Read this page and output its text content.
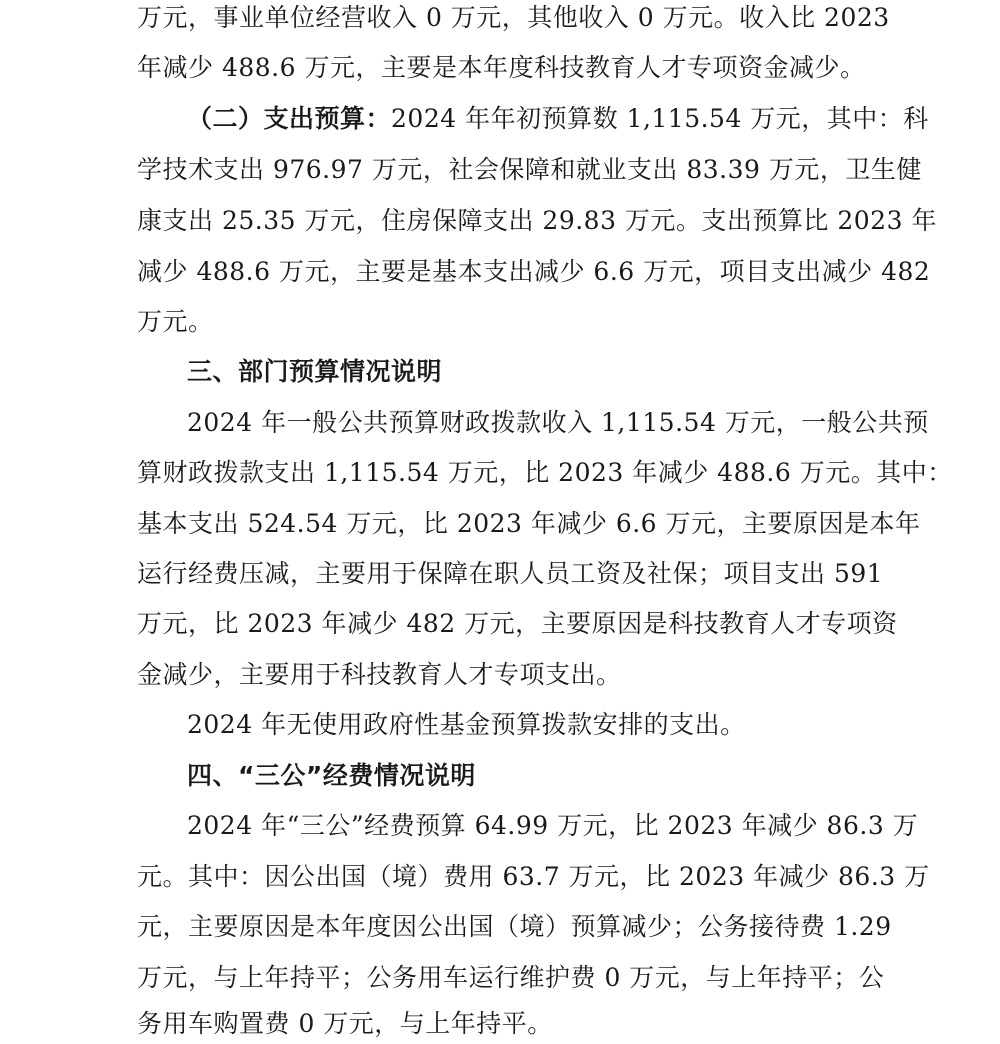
万元，事业单位经营收入 0 万元，其他收入 0 万元。收入比 2023

年减少 488.6 万元，主要是本年度科技教育人才专项资金减少。

（二）支出预算：2024 年年初预算数 1,115.54 万元，其中：科

学技术支出 976.97 万元，社会保障和就业支出 83.39 万元，卫生健

康支出 25.35 万元，住房保障支出 29.83 万元。支出预算比 2023 年

减少 488.6 万元，主要是基本支出减少 6.6 万元，项目支出减少 482

万元。

三、部门预算情况说明

2024 年一般公共预算财政拨款收入 1,115.54 万元，一般公共预

算财政拨款支出 1,115.54 万元，比 2023 年减少 488.6 万元。其中：

基本支出 524.54 万元，比 2023 年减少 6.6 万元，主要原因是本年

运行经费压减，主要用于保障在职人员工资及社保；项目支出 591

万元，比 2023 年减少 482 万元，主要原因是科技教育人才专项资

金减少，主要用于科技教育人才专项支出。

2024 年无使用政府性基金预算拨款安排的支出。

四、“三公”经费情况说明

2024 年“三公”经费预算 64.99 万元，比 2023 年减少 86.3 万

元。其中：因公出国（境）费用 63.7 万元，比 2023 年减少 86.3 万

元，主要原因是本年度因公出国（境）预算减少；公务接待费 1.29

万元，与上年持平；公务用车运行维护费 0 万元，与上年持平；公

务用车购置费 0 万元，与上年持平。
